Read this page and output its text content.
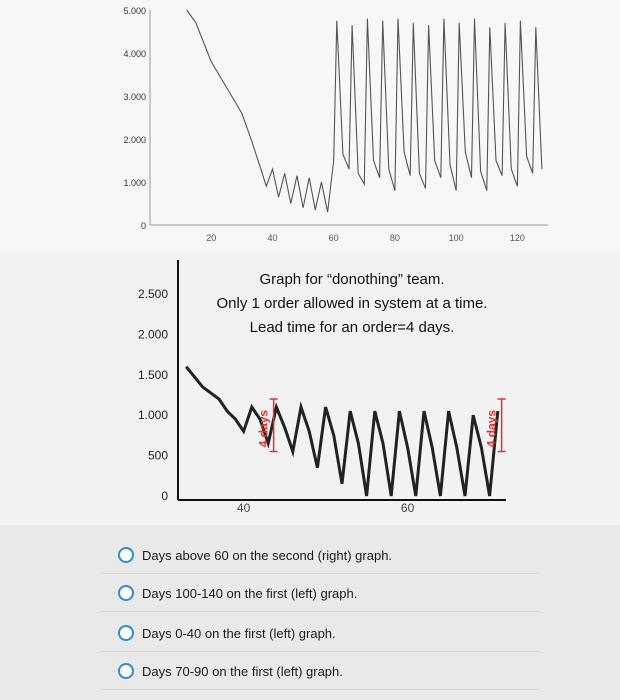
5.000
4.000
3.000
2.000
1.000
0
20	40	60	80	100	120
2.500
2.000
1.500
1.000
500
0
40	60
4 days	4 days
Graph for “donothing” team.
Only 1 order allowed in system at a time.
Lead time for an order=4 days.
Days above 60 on the second (right) graph.
Days 100-140 on the first (left) graph.
Days 0-40 on the first (left) graph.
Days 70-90 on the first (left) graph.
